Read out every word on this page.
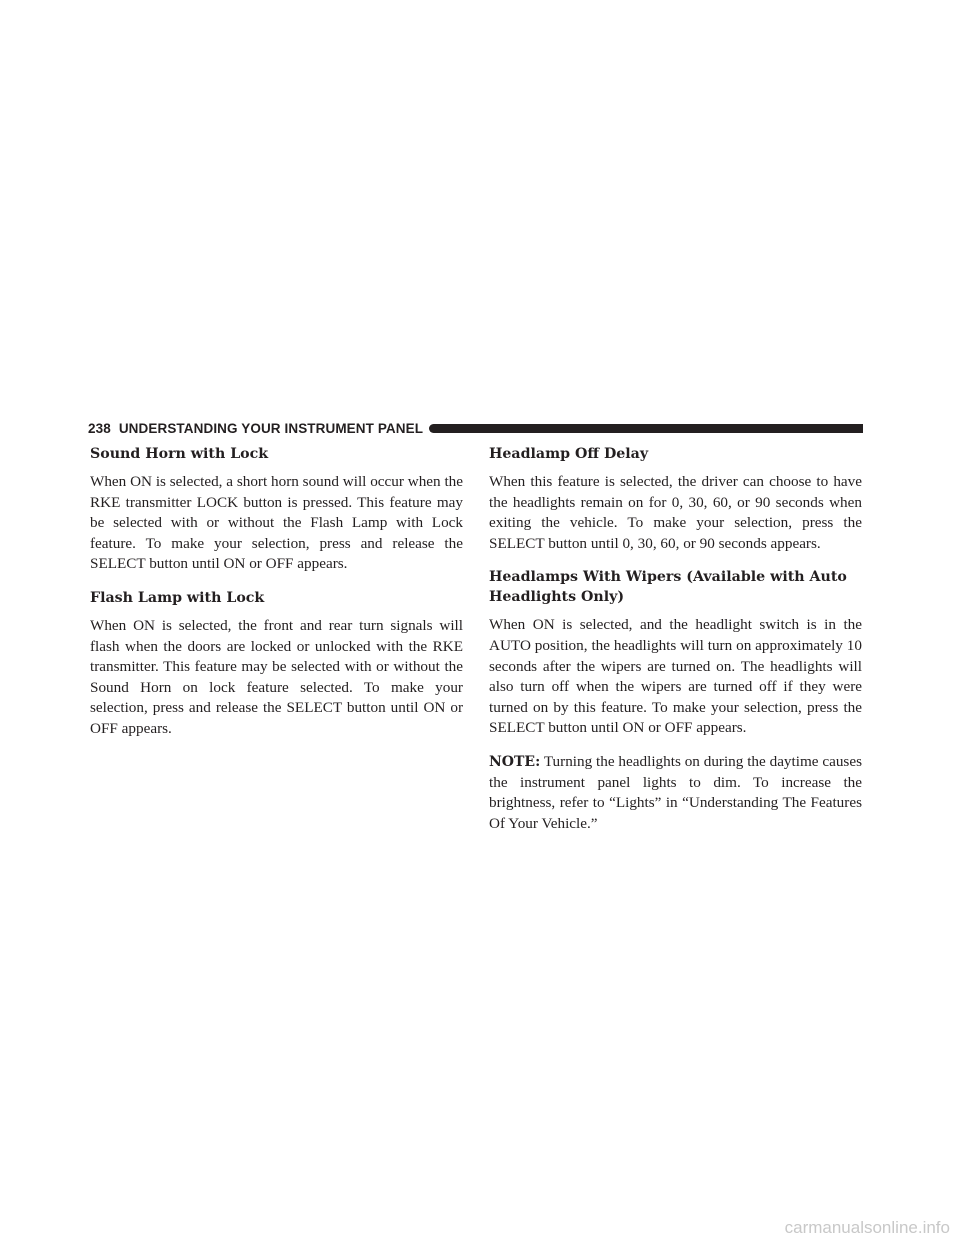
238 UNDERSTANDING YOUR INSTRUMENT PANEL
Sound Horn with Lock

When ON is selected, a short horn sound will occur when the RKE transmitter LOCK button is pressed. This feature may be selected with or without the Flash Lamp with Lock feature. To make your selection, press and release the SELECT button until ON or OFF appears.

Flash Lamp with Lock

When ON is selected, the front and rear turn signals will flash when the doors are locked or unlocked with the RKE transmitter. This feature may be selected with or without the Sound Horn on lock feature selected. To make your selection, press and release the SELECT button until ON or OFF appears.

Headlamp Off Delay

When this feature is selected, the driver can choose to have the headlights remain on for 0, 30, 60, or 90 seconds when exiting the vehicle. To make your selection, press the SELECT button until 0, 30, 60, or 90 seconds appears.

Headlamps With Wipers (Available with Auto
Headlights Only)

When ON is selected, and the headlight switch is in the AUTO position, the headlights will turn on approximately 10 seconds after the wipers are turned on. The headlights will also turn off when the wipers are turned off if they were turned on by this feature. To make your selection, press the SELECT button until ON or OFF appears.

NOTE: Turning the headlights on during the daytime causes the instrument panel lights to dim. To increase the brightness, refer to “Lights” in “Understanding The Features Of Your Vehicle.”

carmanualsonline.info
